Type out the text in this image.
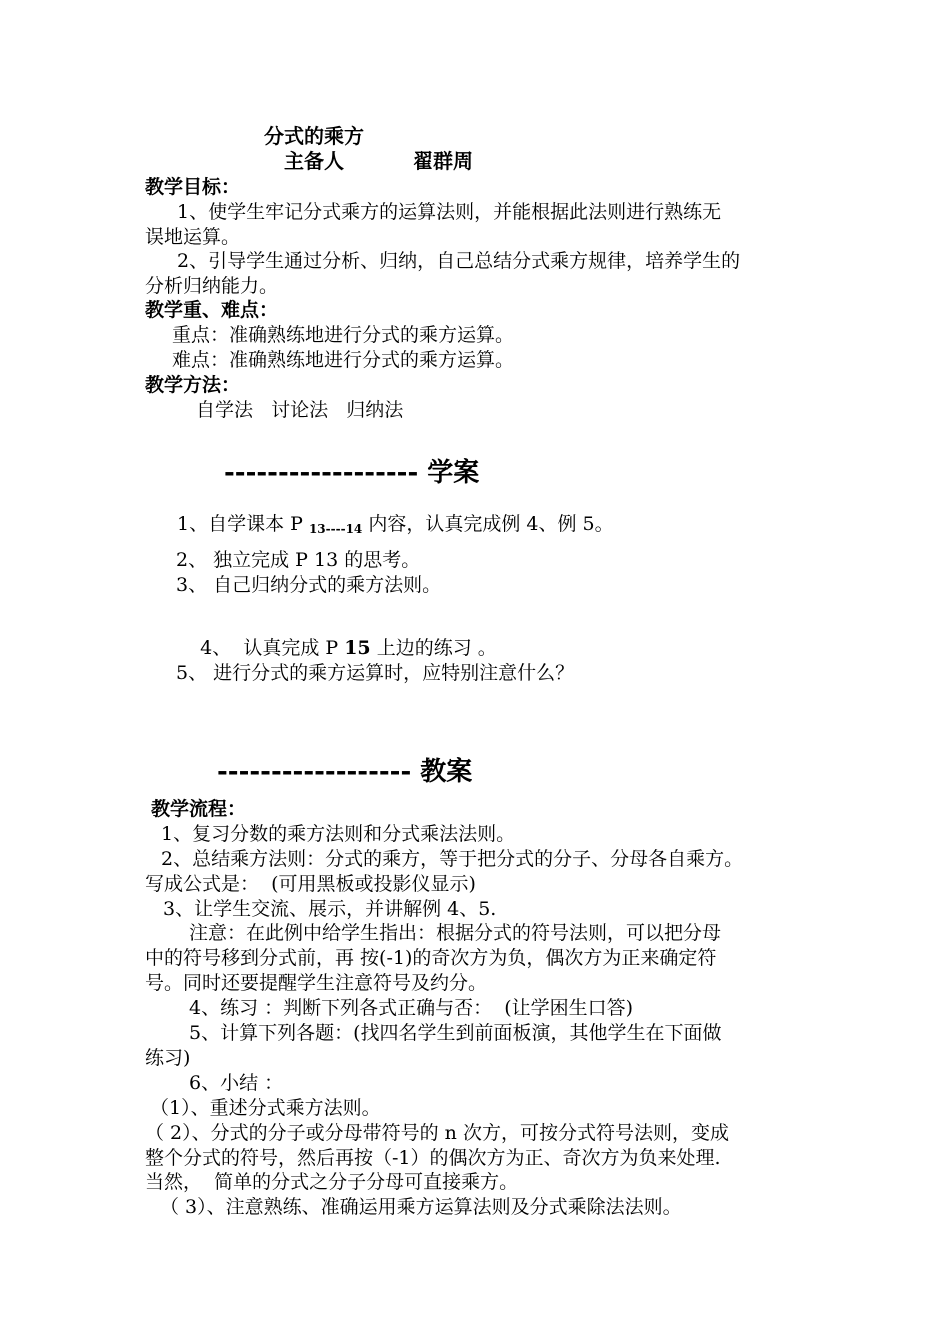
分式的乘方
主备人	翟群周
教学目标：
1、使学生牢记分式乘方的运算法则，并能根据此法则进行熟练无
误地运算。
2、引导学生通过分析、归纳，自己总结分式乘方规律，培养学生的
分析归纳能力。
教学重、难点：
重点：准确熟练地进行分式的乘方运算。
难点：准确熟练地进行分式的乘方运算。
教学方法：
自学法   讨论法   归纳法
------------------ 学案
1、自学课本 P $_{13----14}$ 内容，认真完成例 4、例 5。
2、 独立完成 P 13 的思考。
3、 自己归纳分式的乘方法则。

4、  认真完成 P 15 上边的练习 。

5、 进行分式的乘方运算时，应特别注意什么？
------------------ 教案
教学流程：
1、复习分数的乘方法则和分式乘法法则。
2、总结乘方法则：分式的乘方，等于把分式的分子、分母各自乘方。
写成公式是：  (可用黑板或投影仪显示)
3、让学生交流、展示，并讲解例 4、5.
注意：在此例中给学生指出：根据分式的符号法则，可以把分母
中的符号移到分式前，再 按(-1)的奇次方为负，偶次方为正来确定符
号。同时还要提醒学生注意符号及约分。
4、练习 ：判断下列各式正确与否：  (让学困生口答)
5、计算下列各题：(找四名学生到前面板演，其他学生在下面做
练习)
6、小结 ：
（1）、重述分式乘方法则。
（ 2）、分式的分子或分母带符号的 n 次方，可按分式符号法则，变成
整个分式的符号，然后再按（-1）的偶次方为正、奇次方为负来处理.
当然，  简单的分式之分子分母可直接乘方。
（ 3）、注意熟练、准确运用乘方运算法则及分式乘除法法则。
